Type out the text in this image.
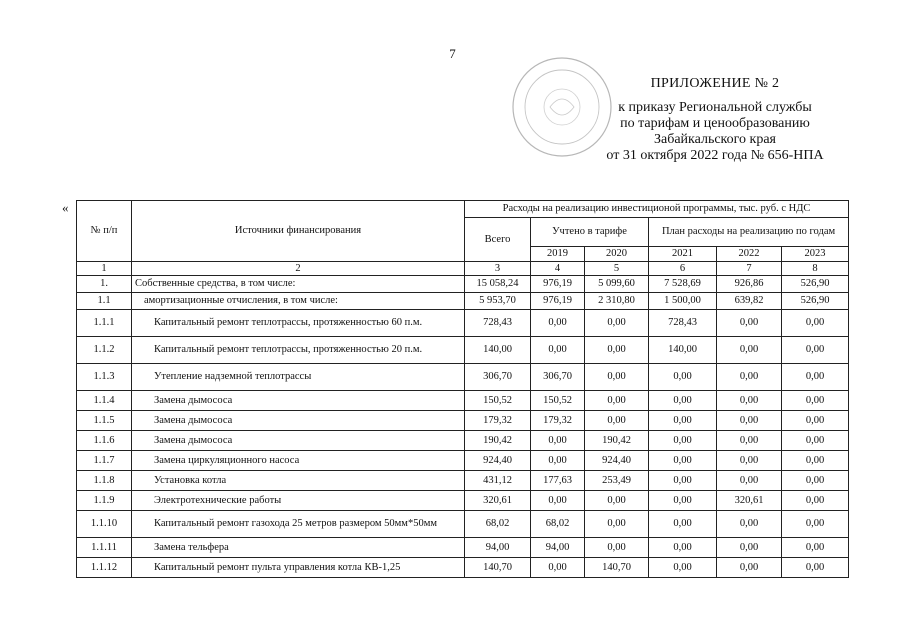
7
ПРИЛОЖЕНИЕ № 2
к приказу Региональной службы
по тарифам и ценообразованию
Забайкальского края
от 31 октября 2022 года № 656-НПА
«
№ п/п	Источники финансирования	Расходы на реализацию инвестиционой программы, тыс. руб. с НДС					
		Всего	Учтено в тарифе		План расходы на реализацию по годам		
			2019	2020	2021	2022	2023
1	2	3	4	5	6	7	8
1.	Собственные средства, в том числе:	15 058,24	976,19	5 099,60	7 528,69	926,86	526,90
1.1	амортизационные отчисления, в том числе:	5 953,70	976,19	2 310,80	1 500,00	639,82	526,90
1.1.1	Капитальный ремонт теплотрассы, протяженностью 60 п.м.	728,43	0,00	0,00	728,43	0,00	0,00
1.1.2	Капитальный ремонт теплотрассы, протяженностью 20 п.м.	140,00	0,00	0,00	140,00	0,00	0,00
1.1.3	Утепление надземной теплотрассы	306,70	306,70	0,00	0,00	0,00	0,00
1.1.4	Замена дымососа	150,52	150,52	0,00	0,00	0,00	0,00
1.1.5	Замена дымососа	179,32	179,32	0,00	0,00	0,00	0,00
1.1.6	Замена дымососа	190,42	0,00	190,42	0,00	0,00	0,00
1.1.7	Замена циркуляционного насоса	924,40	0,00	924,40	0,00	0,00	0,00
1.1.8	Установка котла	431,12	177,63	253,49	0,00	0,00	0,00
1.1.9	Электротехнические работы	320,61	0,00	0,00	0,00	320,61	0,00
1.1.10	Капитальный ремонт газохода 25 метров размером 50мм*50мм	68,02	68,02	0,00	0,00	0,00	0,00
1.1.11	Замена тельфера	94,00	94,00	0,00	0,00	0,00	0,00
1.1.12	Капитальный ремонт пульта управления котла КВ-1,25	140,70	0,00	140,70	0,00	0,00	0,00
